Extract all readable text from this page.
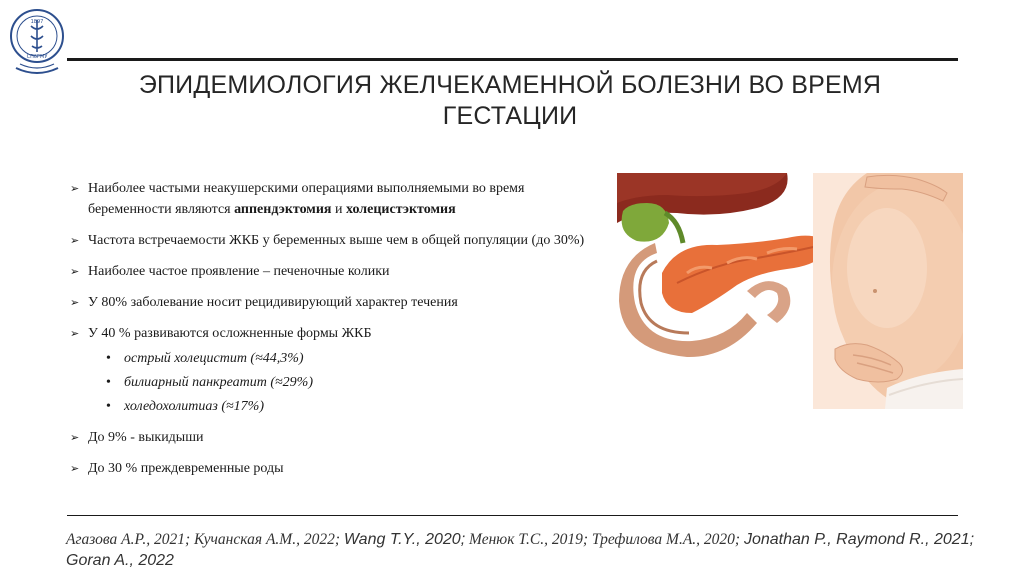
1897
СПбГМУ
ЭПИДЕМИОЛОГИЯ ЖЕЛЧЕКАМЕННОЙ БОЛЕЗНИ ВО ВРЕМЯ ГЕСТАЦИИ
➢ Наиболее частыми неакушерскими операциями выполняемыми во время беременности являются аппендэктомия и холецистэктомия
➢ Частота встречаемости ЖКБ у беременных выше чем в общей популяции (до 30%)
➢ Наиболее частое проявление – печеночные колики
➢ У 80% заболевание носит рецидивирующий характер течения
➢ У 40 % развиваются осложненные формы ЖКБ
• острый холецистит (≈44,3%)
• билиарный панкреатит (≈29%)
• холедохолитиаз (≈17%)
➢ До 9% - выкидыши
➢ До 30 % преждевременные роды
Агазова А.Р., 2021; Кучанская А.М., 2022; Wang T.Y., 2020; Менюк Т.С., 2019; Трефилова М.А., 2020; Jonathan P., Raymond R., 2021; Goran A., 2022
